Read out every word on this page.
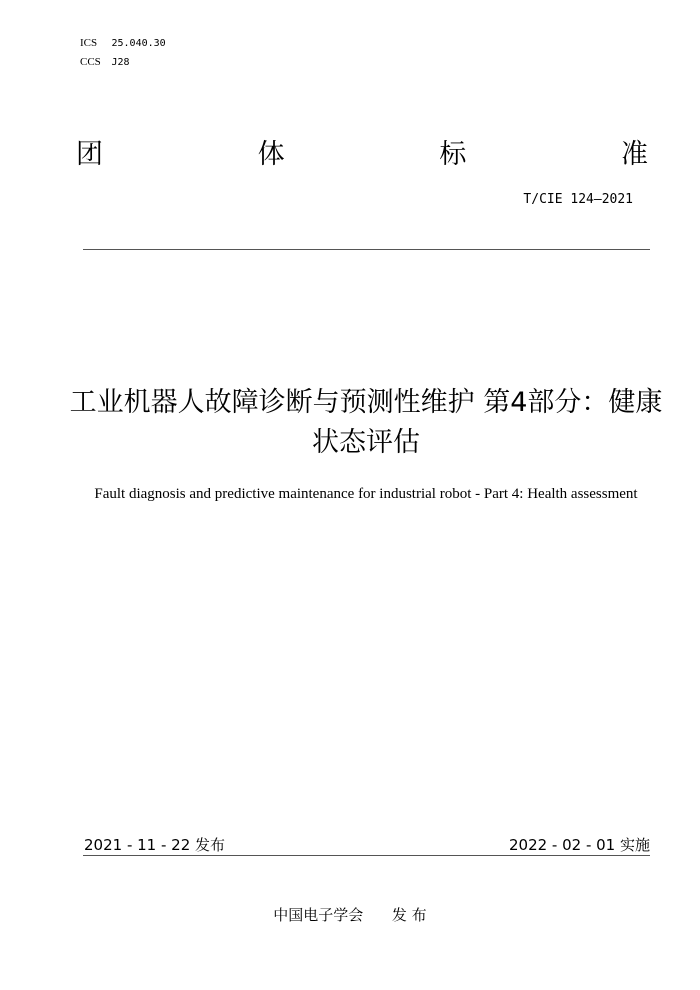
ICS 25.040.30
CCS J28
团	体	标	准
T/CIE 124—2021
工业机器人故障诊断与预测性维护 第4部分：健康状态评估

Fault diagnosis and predictive maintenance for industrial robot - Part 4: Health assessment

2021 - 11 - 22 发布	2022 - 02 - 01 实施
中国电子学会      发 布
